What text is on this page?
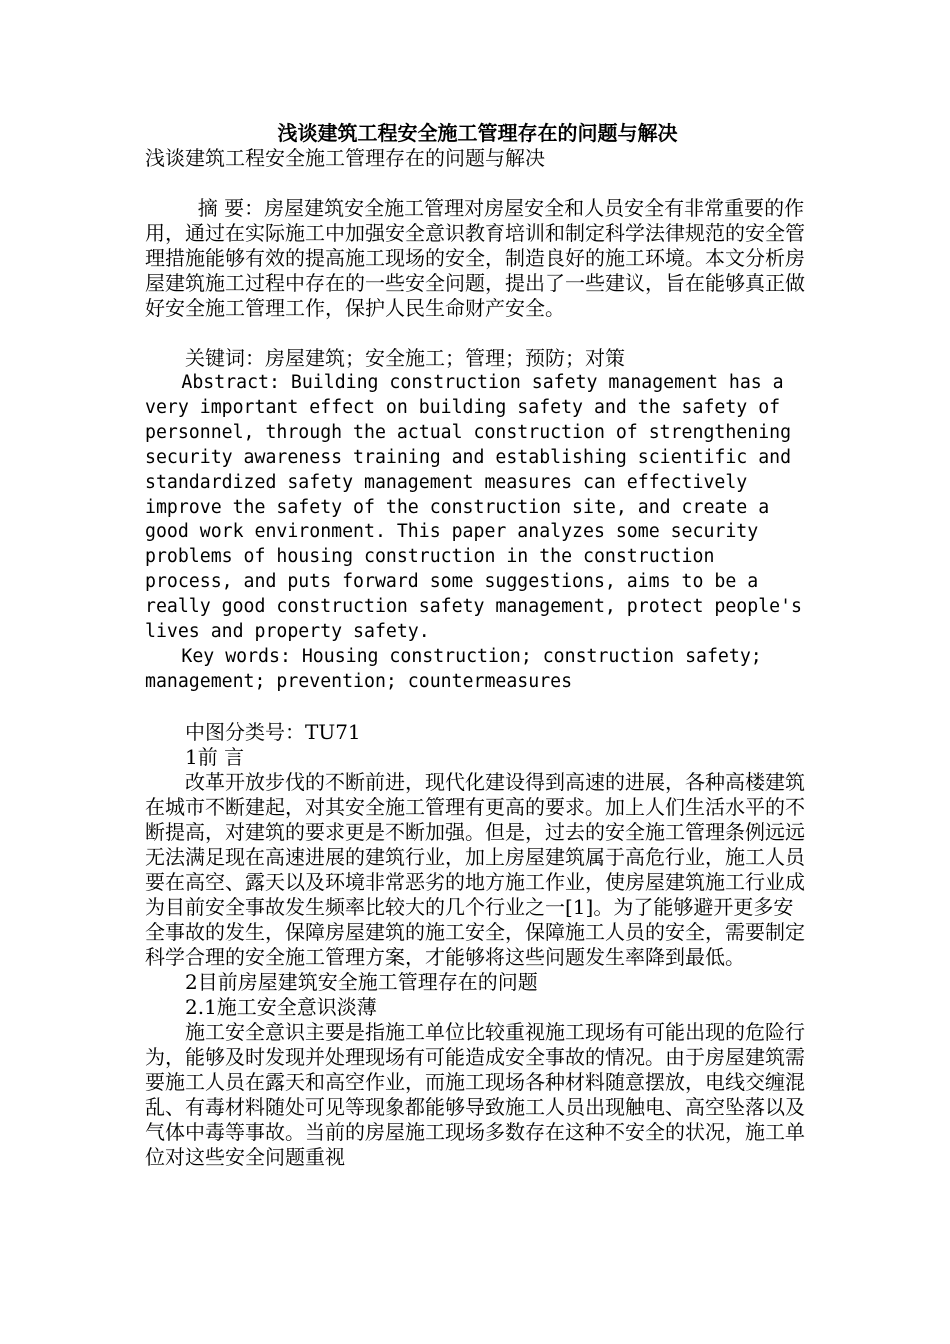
浅谈建筑工程安全施工管理存在的问题与解决
浅谈建筑工程安全施工管理存在的问题与解决
摘 要：房屋建筑安全施工管理对房屋安全和人员安全有非常重要的作用，通过在实际施工中加强安全意识教育培训和制定科学法律规范的安全管理措施能够有效的提高施工现场的安全，制造良好的施工环境。本文分析房屋建筑施工过程中存在的一些安全问题，提出了一些建议，旨在能够真正做好安全施工管理工作，保护人民生命财产安全。
关键词：房屋建筑；安全施工；管理；预防；对策
Abstract: Building construction safety management has a very important effect on building safety and the safety of personnel, through the actual construction of strengthening security awareness training and establishing scientific and standardized safety management measures can effectively improve the safety of the construction site, and create a good work environment. This paper analyzes some security problems of housing construction in the construction process, and puts forward some suggestions, aims to be a really good construction safety management, protect people's lives and property safety.
Key words: Housing construction; construction safety; management; prevention; countermeasures
中图分类号：TU71
1前 言
改革开放步伐的不断前进，现代化建设得到高速的进展，各种高楼建筑在城市不断建起，对其安全施工管理有更高的要求。加上人们生活水平的不断提高，对建筑的要求更是不断加强。但是，过去的安全施工管理条例远远无法满足现在高速进展的建筑行业，加上房屋建筑属于高危行业，施工人员要在高空、露天以及环境非常恶劣的地方施工作业，使房屋建筑施工行业成为目前安全事故发生频率比较大的几个行业之一[1]。为了能够避开更多安全事故的发生，保障房屋建筑的施工安全，保障施工人员的安全，需要制定科学合理的安全施工管理方案，才能够将这些问题发生率降到最低。
2目前房屋建筑安全施工管理存在的问题
2.1施工安全意识淡薄
施工安全意识主要是指施工单位比较重视施工现场有可能出现的危险行为，能够及时发现并处理现场有可能造成安全事故的情况。由于房屋建筑需要施工人员在露天和高空作业，而施工现场各种材料随意摆放，电线交缠混乱、有毒材料随处可见等现象都能够导致施工人员出现触电、高空坠落以及气体中毒等事故。当前的房屋施工现场多数存在这种不安全的状况，施工单位对这些安全问题重视
